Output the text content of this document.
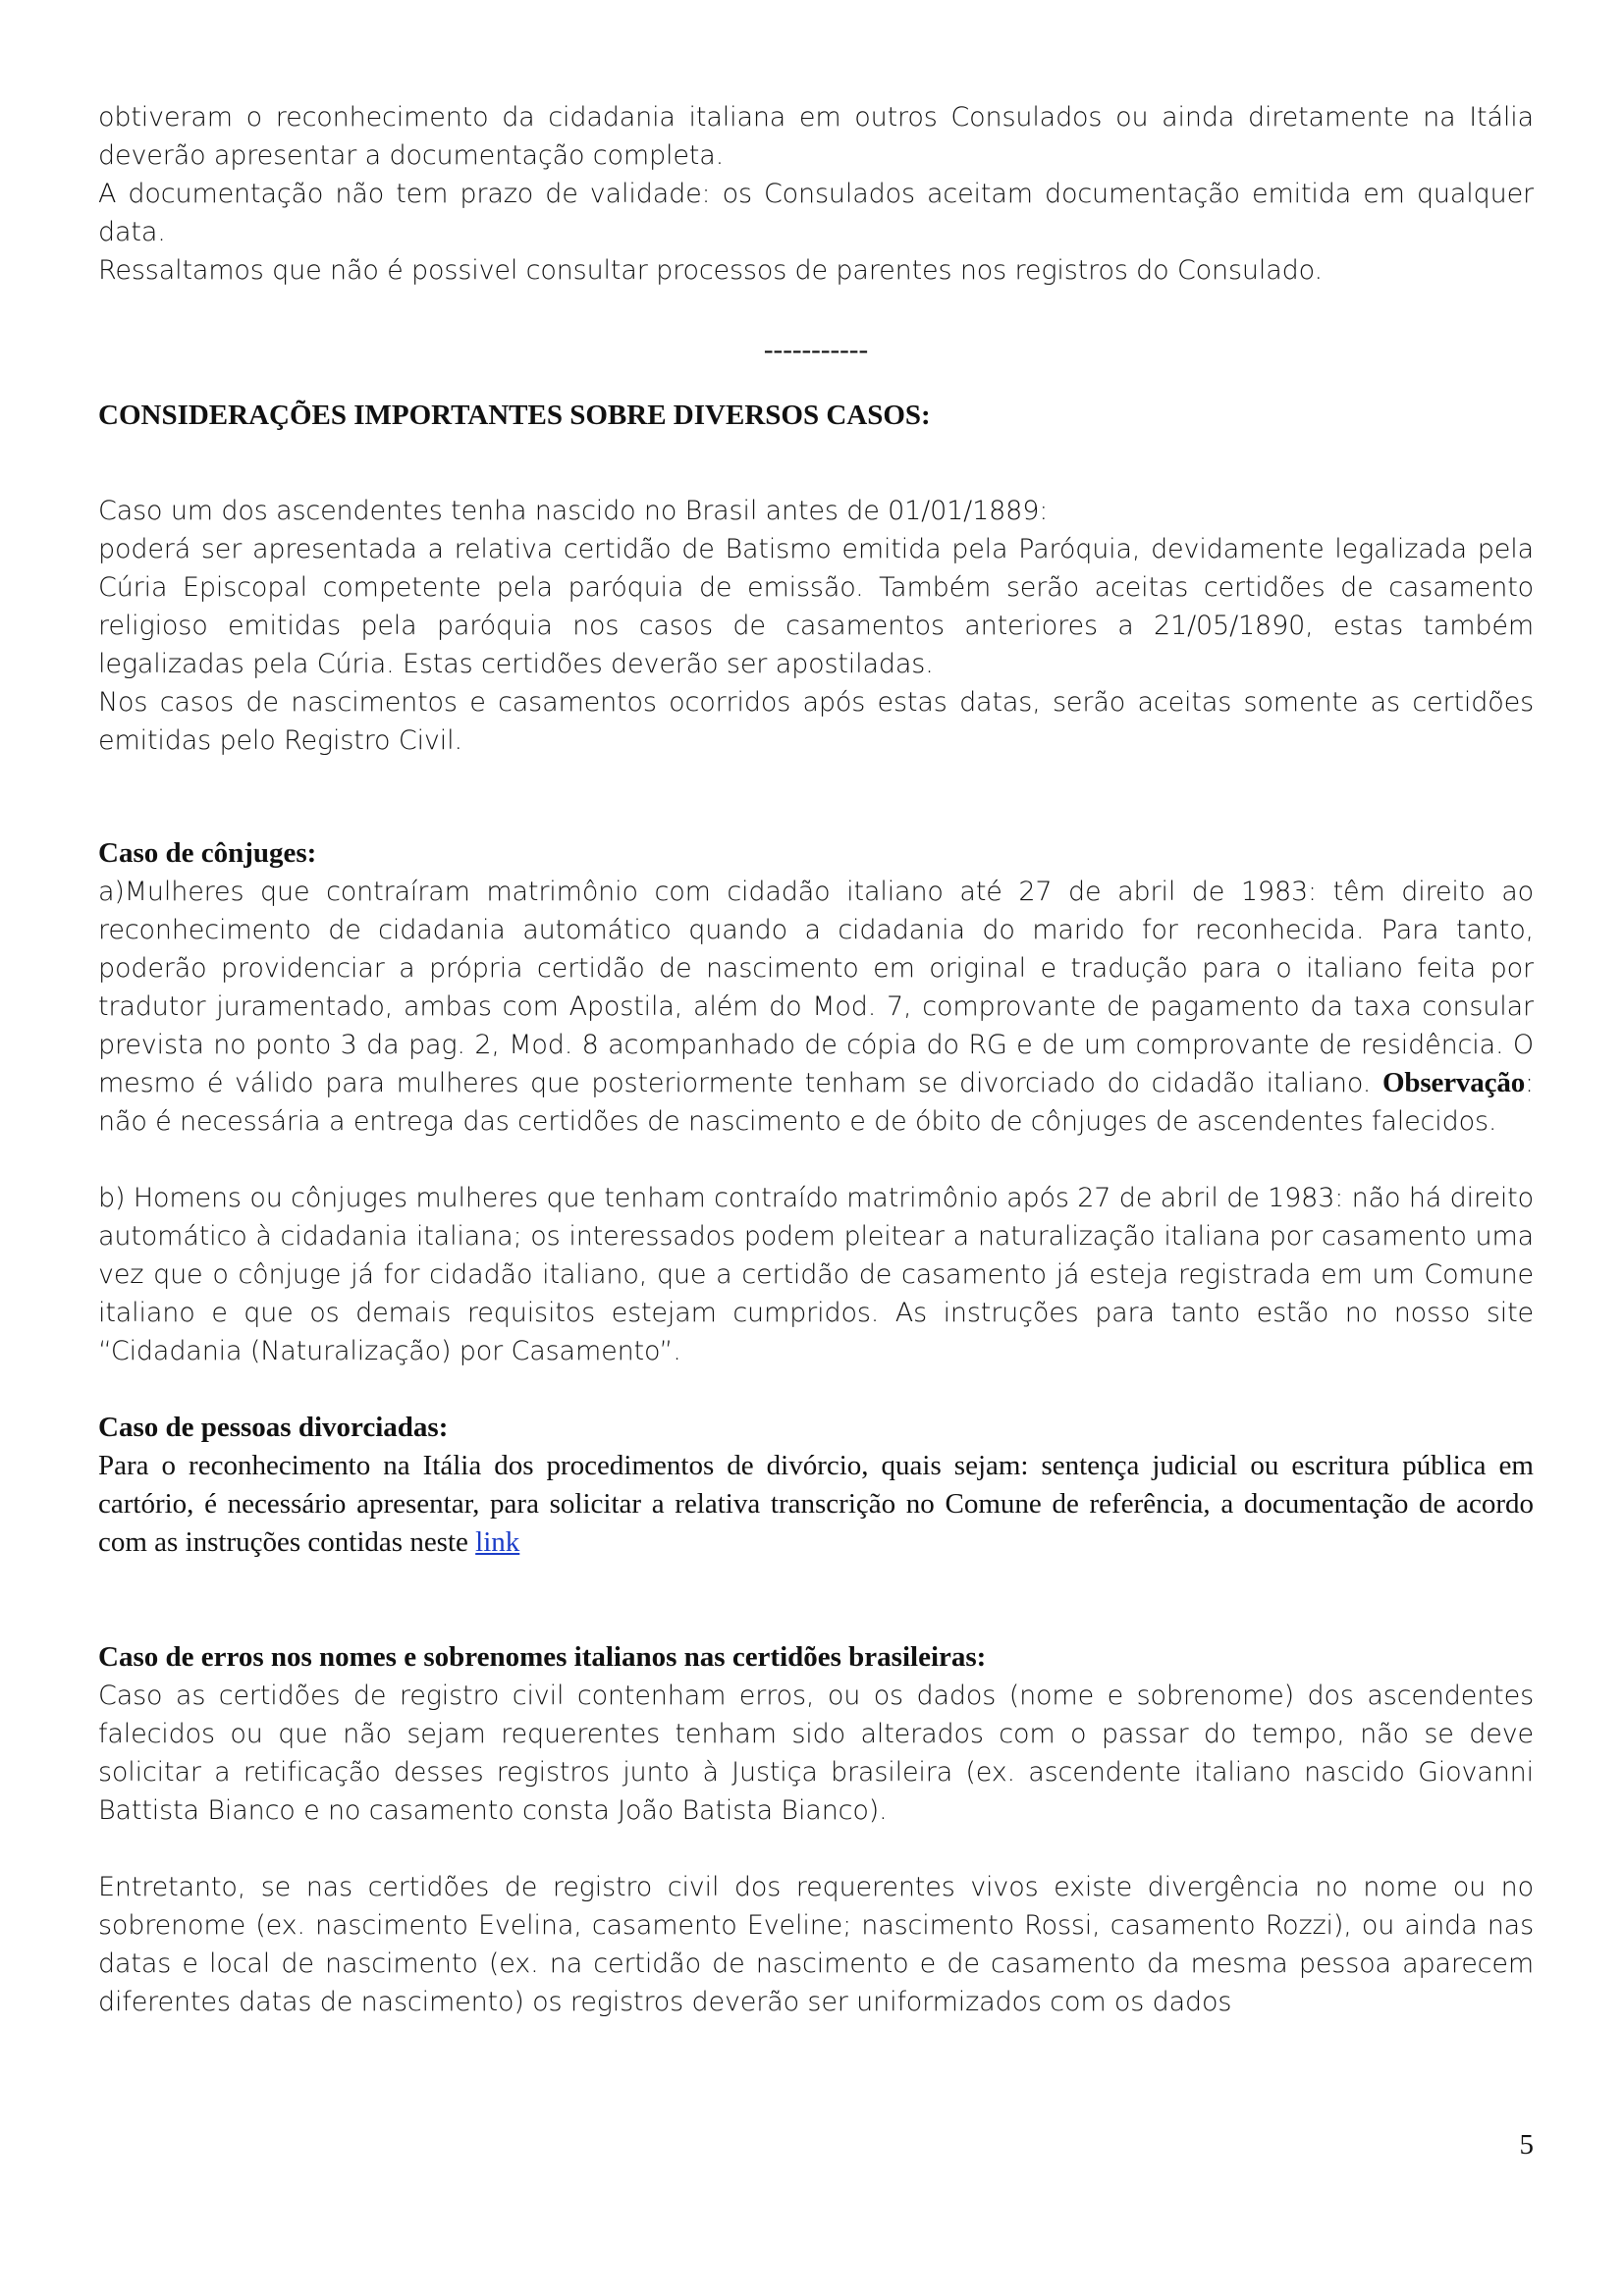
obtiveram o reconhecimento da cidadania italiana em outros Consulados ou ainda diretamente na Itália deverão apresentar a documentação completa.

A documentação não tem prazo de validade: os Consulados aceitam documentação emitida em qualquer data.

Ressaltamos que não é possivel consultar processos de parentes nos registros do Consulado.

-----------

CONSIDERAÇÕES IMPORTANTES SOBRE DIVERSOS CASOS:

Caso um dos ascendentes tenha nascido no Brasil antes de 01/01/1889:

poderá ser apresentada a relativa certidão de Batismo emitida pela Paróquia, devidamente legalizada pela Cúria Episcopal competente pela paróquia de emissão. Também serão aceitas certidões de casamento religioso emitidas pela paróquia nos casos de casamentos anteriores a 21/05/1890, estas também legalizadas pela Cúria. Estas certidões deverão ser apostiladas.

Nos casos de nascimentos e casamentos ocorridos após estas datas, serão aceitas somente as certidões emitidas pelo Registro Civil.

Caso de cônjuges:

a)Mulheres que contraíram matrimônio com cidadão italiano até 27 de abril de 1983: têm direito ao reconhecimento de cidadania automático quando a cidadania do marido for reconhecida. Para tanto, poderão providenciar a própria certidão de nascimento em original e tradução para o italiano feita por tradutor juramentado, ambas com Apostila, além do Mod. 7, comprovante de pagamento da taxa consular prevista no ponto 3 da pag. 2, Mod. 8 acompanhado de cópia do RG e de um comprovante de residência. O mesmo é válido para mulheres que posteriormente tenham se divorciado do cidadão italiano. Observação: não é necessária a entrega das certidões de nascimento e de óbito de cônjuges de ascendentes falecidos.

b) Homens ou cônjuges mulheres que tenham contraído matrimônio após 27 de abril de 1983: não há direito automático à cidadania italiana; os interessados podem pleitear a naturalização italiana por casamento uma vez que o cônjuge já for cidadão italiano, que a certidão de casamento já esteja registrada em um Comune italiano e que os demais requisitos estejam cumpridos. As instruções para tanto estão no nosso site “Cidadania (Naturalização) por Casamento”.

Caso de pessoas divorciadas:

Para o reconhecimento na Itália dos procedimentos de divórcio, quais sejam: sentença judicial ou escritura pública em cartório, é necessário apresentar, para solicitar a relativa transcrição no Comune de referência, a documentação de acordo com as instruções contidas neste link

Caso de erros nos nomes e sobrenomes italianos nas certidões brasileiras:

Caso as certidões de registro civil contenham erros, ou os dados (nome e sobrenome) dos ascendentes falecidos ou que não sejam requerentes tenham sido alterados com o passar do tempo, não se deve solicitar a retificação desses registros junto à Justiça brasileira (ex. ascendente italiano nascido Giovanni Battista Bianco e no casamento consta João Batista Bianco).

Entretanto, se nas certidões de registro civil dos requerentes vivos existe divergência no nome ou no sobrenome (ex. nascimento Evelina, casamento Eveline; nascimento Rossi, casamento Rozzi), ou ainda nas datas e local de nascimento (ex. na certidão de nascimento e de casamento da mesma pessoa aparecem diferentes datas de nascimento) os registros deverão ser uniformizados com os dados

5
